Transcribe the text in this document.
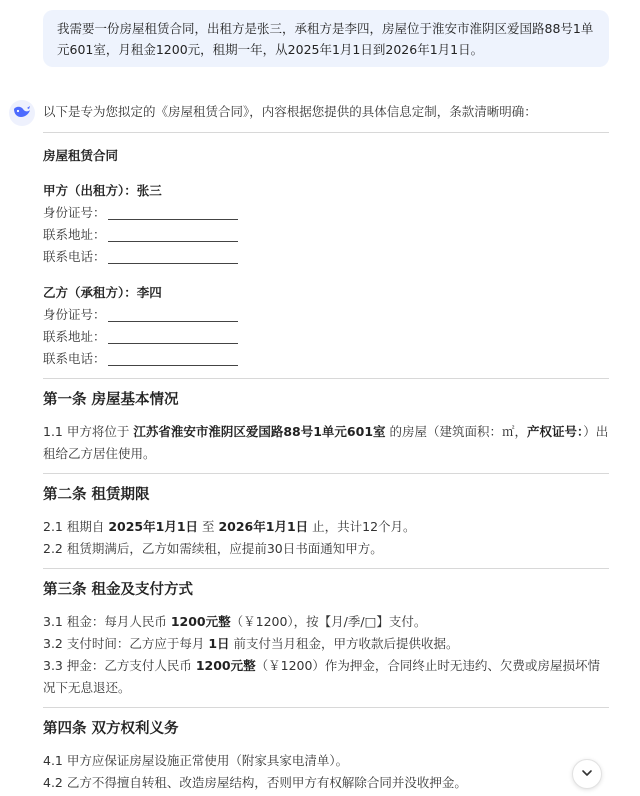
我需要一份房屋租赁合同，出租方是张三，承租方是李四，房屋位于淮安市淮阴区爱国路88号1单元601室，月租金1200元，租期一年，从2025年1月1日到2026年1月1日。
以下是专为您拟定的《房屋租赁合同》，内容根据您提供的具体信息定制，条款清晰明确：
房屋租赁合同
甲方（出租方）：张三
身份证号：
联系地址：
联系电话：
乙方（承租方）：李四
身份证号：
联系地址：
联系电话：
第一条 房屋基本情况
1.1 甲方将位于 江苏省淮安市淮阴区爱国路88号1单元601室 的房屋（建筑面积：㎡，产权证号：）出租给乙方居住使用。
第二条 租赁期限
2.1 租期自 2025年1月1日 至 2026年1月1日 止，共计12个月。
2.2 租赁期满后，乙方如需续租，应提前30日书面通知甲方。
第三条 租金及支付方式
3.1 租金：每月人民币 1200元整（￥1200），按【月/季/□】支付。
3.2 支付时间：乙方应于每月 1日 前支付当月租金，甲方收款后提供收据。
3.3 押金：乙方支付人民币 1200元整（￥1200）作为押金，合同终止时无违约、欠费或房屋损坏情况下无息退还。
第四条 双方权利义务
4.1 甲方应保证房屋设施正常使用（附家具家电清单）。
4.2 乙方不得擅自转租、改造房屋结构，否则甲方有权解除合同并没收押金。
